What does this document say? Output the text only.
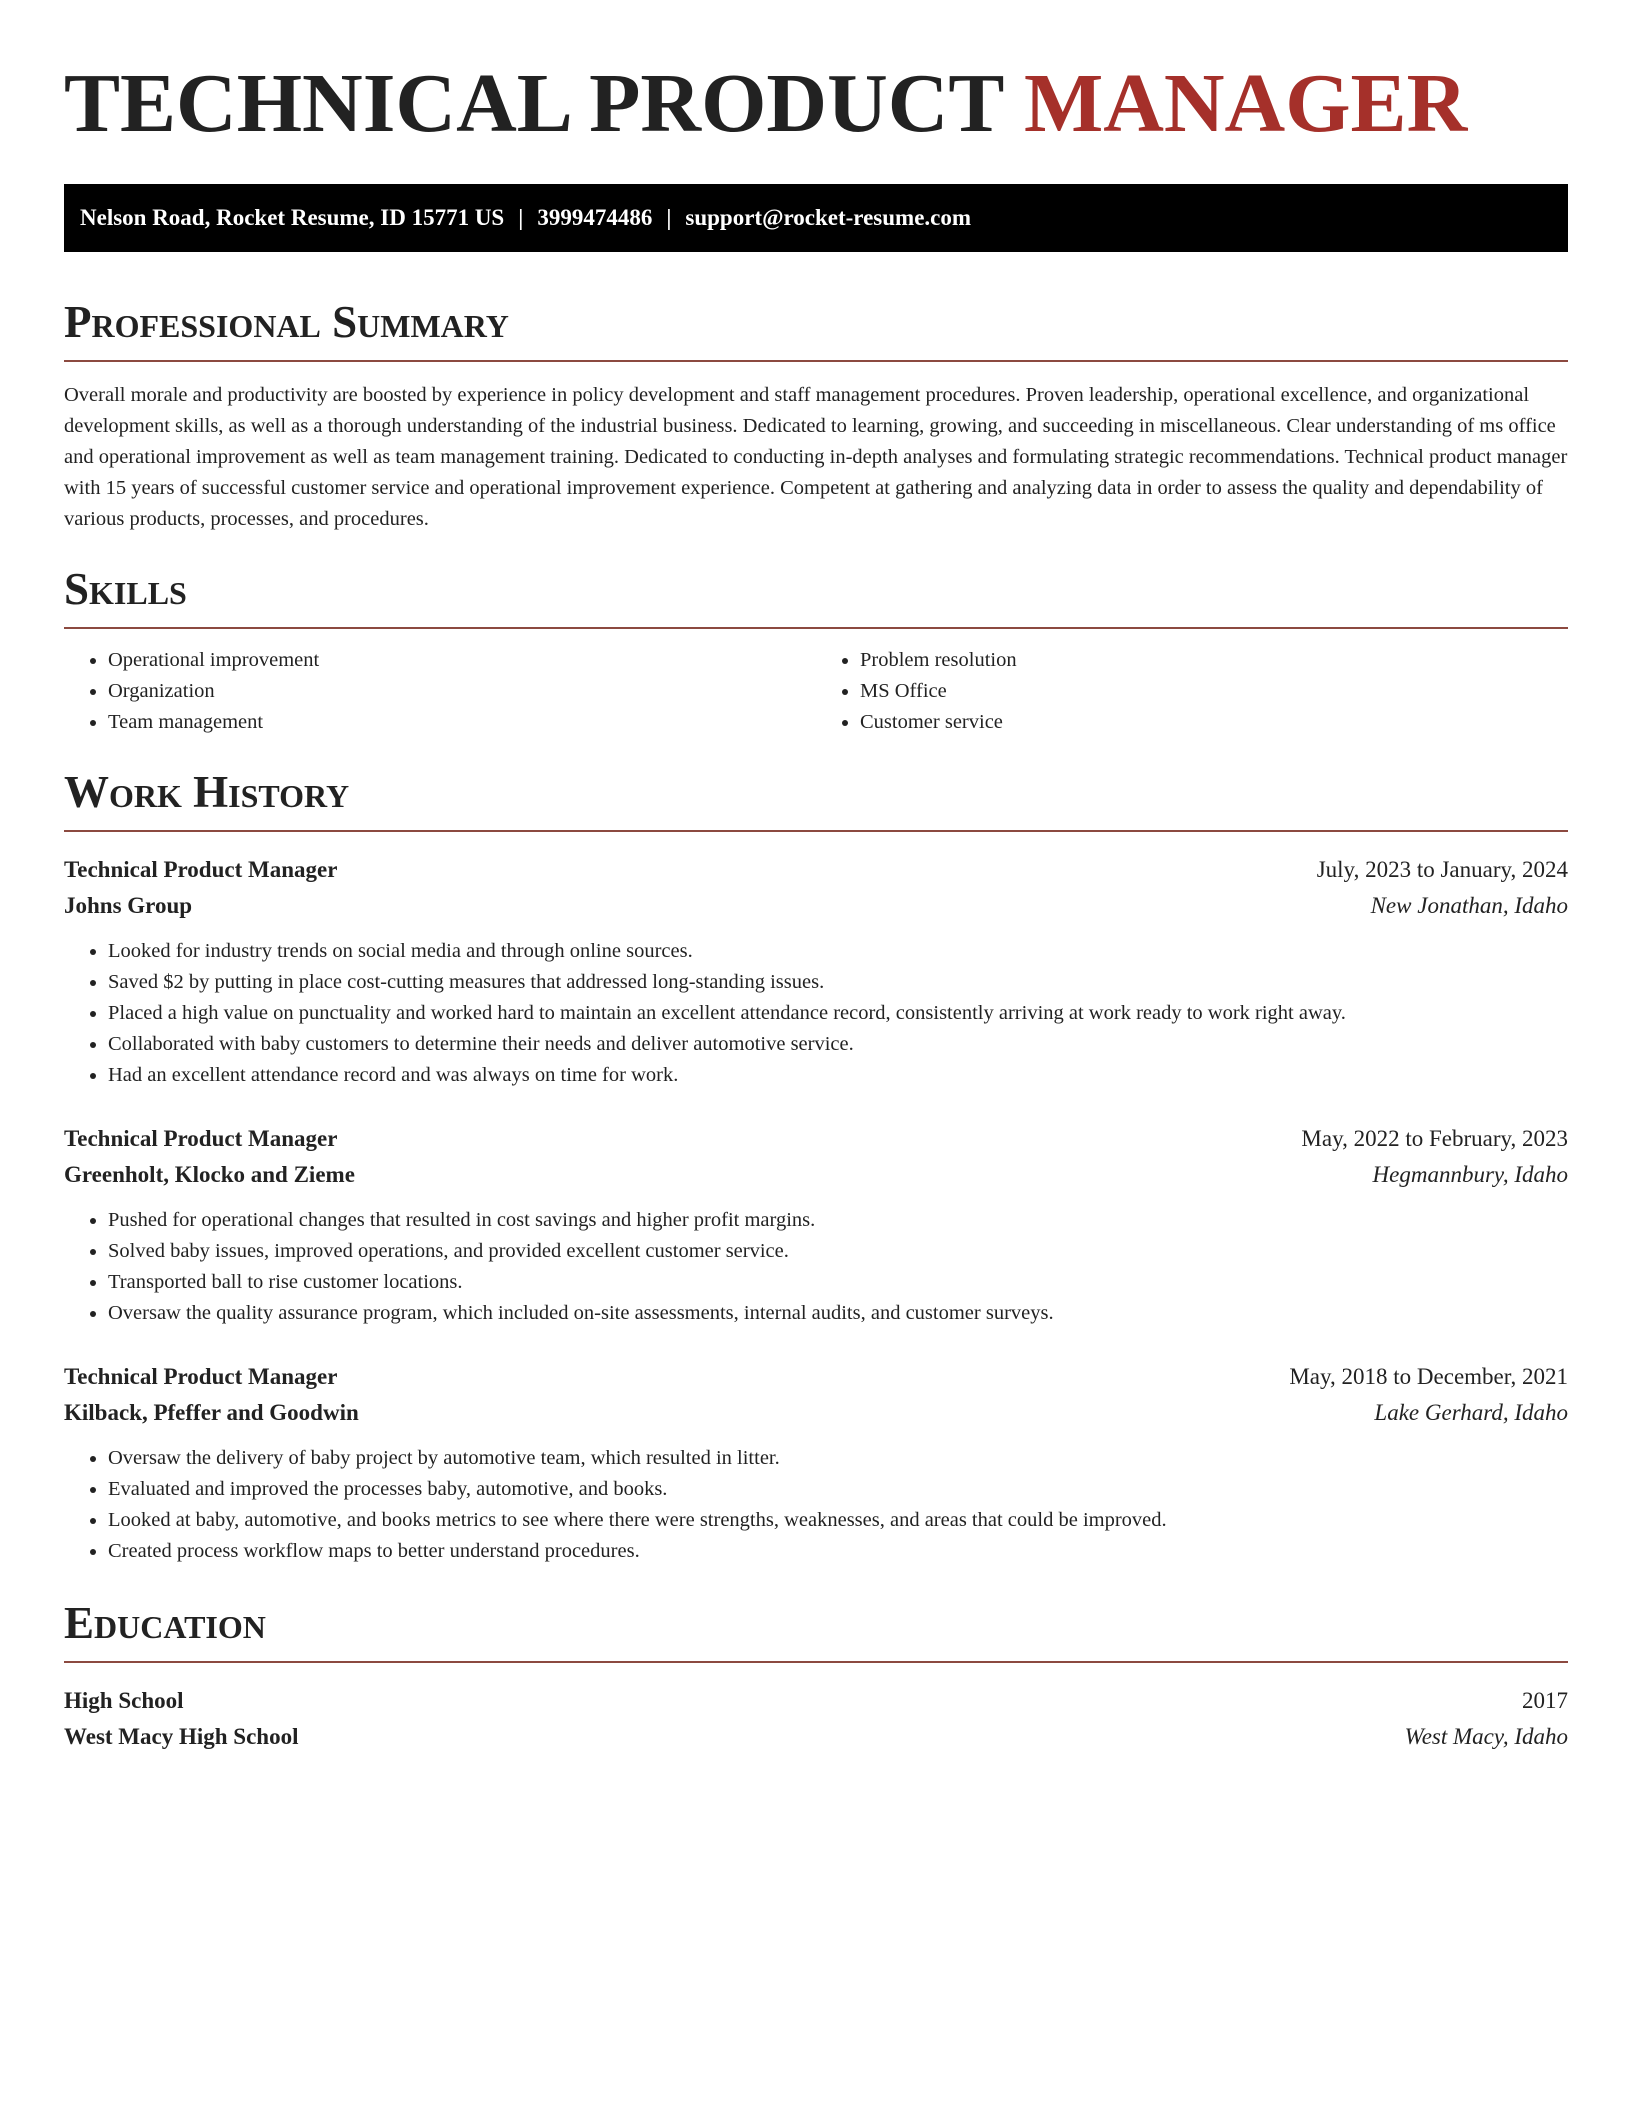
TECHNICAL PRODUCT MANAGER
Nelson Road, Rocket Resume, ID 15771 US | 3999474486 | support@rocket-resume.com
Professional Summary

Overall morale and productivity are boosted by experience in policy development and staff management procedures. Proven leadership, operational excellence, and organizational development skills, as well as a thorough understanding of the industrial business. Dedicated to learning, growing, and succeeding in miscellaneous. Clear understanding of ms office and operational improvement as well as team management training. Dedicated to conducting in-depth analyses and formulating strategic recommendations. Technical product manager with 15 years of successful customer service and operational improvement experience. Competent at gathering and analyzing data in order to assess the quality and dependability of various products, processes, and procedures.

Skills
• Operational improvement
• Organization
• Team management
• Problem resolution
• MS Office
• Customer service
Work History
Technical Product Manager	July, 2023 to January, 2024
Johns Group	New Jonathan, Idaho
• Looked for industry trends on social media and through online sources.
• Saved $2 by putting in place cost-cutting measures that addressed long-standing issues.
• Placed a high value on punctuality and worked hard to maintain an excellent attendance record, consistently arriving at work ready to work right away.
• Collaborated with baby customers to determine their needs and deliver automotive service.
• Had an excellent attendance record and was always on time for work.
Technical Product Manager	May, 2022 to February, 2023
Greenholt, Klocko and Zieme	Hegmannbury, Idaho
• Pushed for operational changes that resulted in cost savings and higher profit margins.
• Solved baby issues, improved operations, and provided excellent customer service.
• Transported ball to rise customer locations.
• Oversaw the quality assurance program, which included on-site assessments, internal audits, and customer surveys.
Technical Product Manager	May, 2018 to December, 2021
Kilback, Pfeffer and Goodwin	Lake Gerhard, Idaho
• Oversaw the delivery of baby project by automotive team, which resulted in litter.
• Evaluated and improved the processes baby, automotive, and books.
• Looked at baby, automotive, and books metrics to see where there were strengths, weaknesses, and areas that could be improved.
• Created process workflow maps to better understand procedures.
Education
High School	2017
West Macy High School	West Macy, Idaho
